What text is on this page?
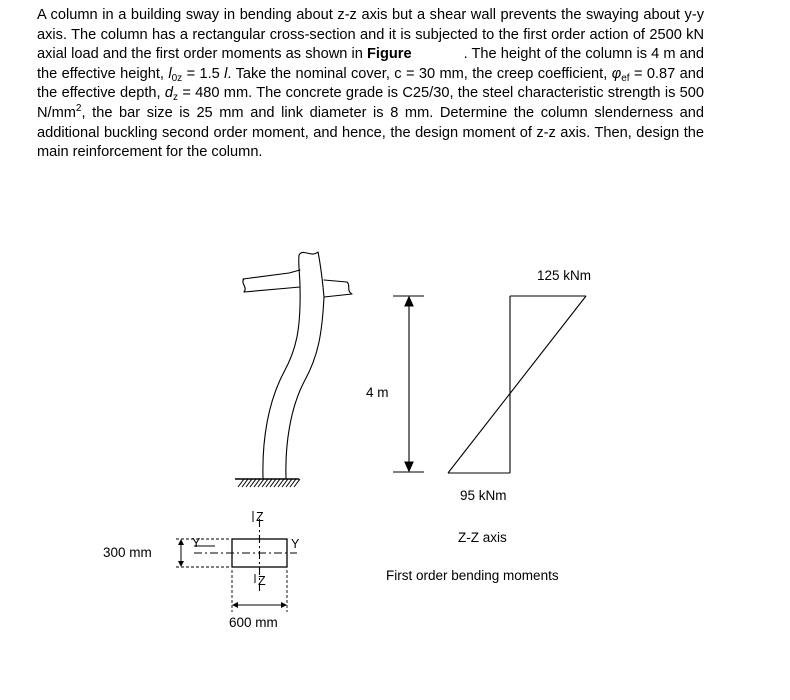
A column in a building sway in bending about z-z axis but a shear wall prevents the swaying about y-y axis. The column has a rectangular cross-section and it is subjected to the first order action of 2500 kN axial load and the first order moments as shown in Figure	. The height of the column is 4 m and the effective height, $l_{0z} = 1.5$ l. Take the nominal cover, c = 30 mm, the creep coefficient, $\varphi_{ef} = 0.87$ and the effective depth, $d_z = 480$ mm. The concrete grade is C25/30, the steel characteristic strength is 500 $N/mm^2$, the bar size is 25 mm and link diameter is 8 mm. Determine the column slenderness and additional buckling second order moment, and hence, the design moment of z-z axis. Then, design the main reinforcement for the column.

4 m
125 kNm
95 kNm
Z-Z axis
First order bending moments
Z
Z
Y	Y
300 mm
600 mm
